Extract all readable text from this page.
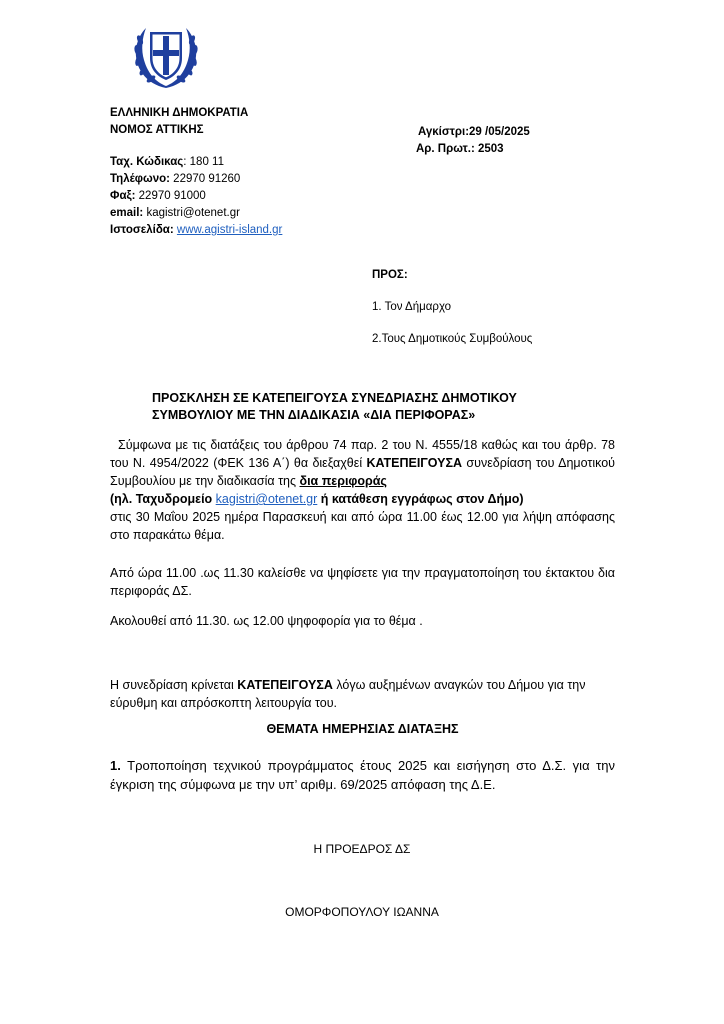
ΕΛΛΗΝΙΚΗ ΔΗΜΟΚΡΑΤΙΑ
ΝΟΜΟΣ ΑΤΤΙΚΗΣ
Ταχ. Κώδικας: 180 11
Τηλέφωνο: 22970 91260
Φαξ: 22970 91000
email: kagistri@otenet.gr
Ιστοσελίδα: www.agistri-island.gr
Αγκίστρι:29 /05/2025
Αρ. Πρωτ.: 2503
ΠΡΟΣ:
1. Τον Δήμαρχο
2.Τους Δημοτικούς Συμβούλους
ΠΡΟΣΚΛΗΣΗ ΣΕ ΚΑΤΕΠΕΙΓΟΥΣΑ ΣΥΝΕΔΡΙΑΣΗΣ ΔΗΜΟΤΙΚΟΥ
ΣΥΜΒΟΥΛΙΟΥ ΜΕ ΤΗΝ ΔΙΑΔΙΚΑΣΙΑ «ΔΙΑ ΠΕΡΙΦΟΡΑΣ»
Σύμφωνα με τις διατάξεις του άρθρου 74 παρ. 2 του Ν. 4555/18 καθώς και του άρθρ. 78 του Ν. 4954/2022 (ΦΕΚ 136 Α΄) θα διεξαχθεί ΚΑΤΕΠΕΙΓΟΥΣΑ συνεδρίαση του Δημοτικού Συμβουλίου με την διαδικασία της δια περιφοράς
(ηλ. Ταχυδρομείο kagistri@otenet.gr ή κατάθεση εγγράφως στον Δήμο)
στις 30 Μαΐου 2025 ημέρα Παρασκευή και από ώρα 11.00 έως 12.00 για λήψη απόφασης στο παρακάτω θέμα.
Από ώρα 11.00 .ως 11.30 καλείσθε να ψηφίσετε για την πραγματοποίηση του έκτακτου δια περιφοράς ΔΣ.
Ακολουθεί από 11.30. ως 12.00 ψηφοφορία για το θέμα .
Η συνεδρίαση κρίνεται ΚΑΤΕΠΕΙΓΟΥΣΑ λόγω αυξημένων αναγκών του Δήμου για την εύρυθμη και απρόσκοπτη λειτουργία του.
ΘΕΜΑΤΑ ΗΜΕΡΗΣΙΑΣ ΔΙΑΤΑΞΗΣ
1. Τροποποίηση τεχνικού προγράμματος έτους 2025 και εισήγηση στο Δ.Σ. για την έγκριση της σύμφωνα με την υπ’ αριθμ. 69/2025 απόφαση της Δ.Ε.
Η ΠΡΟΕΔΡΟΣ ΔΣ
ΟΜΟΡΦΟΠΟΥΛΟΥ ΙΩΑΝΝΑ
